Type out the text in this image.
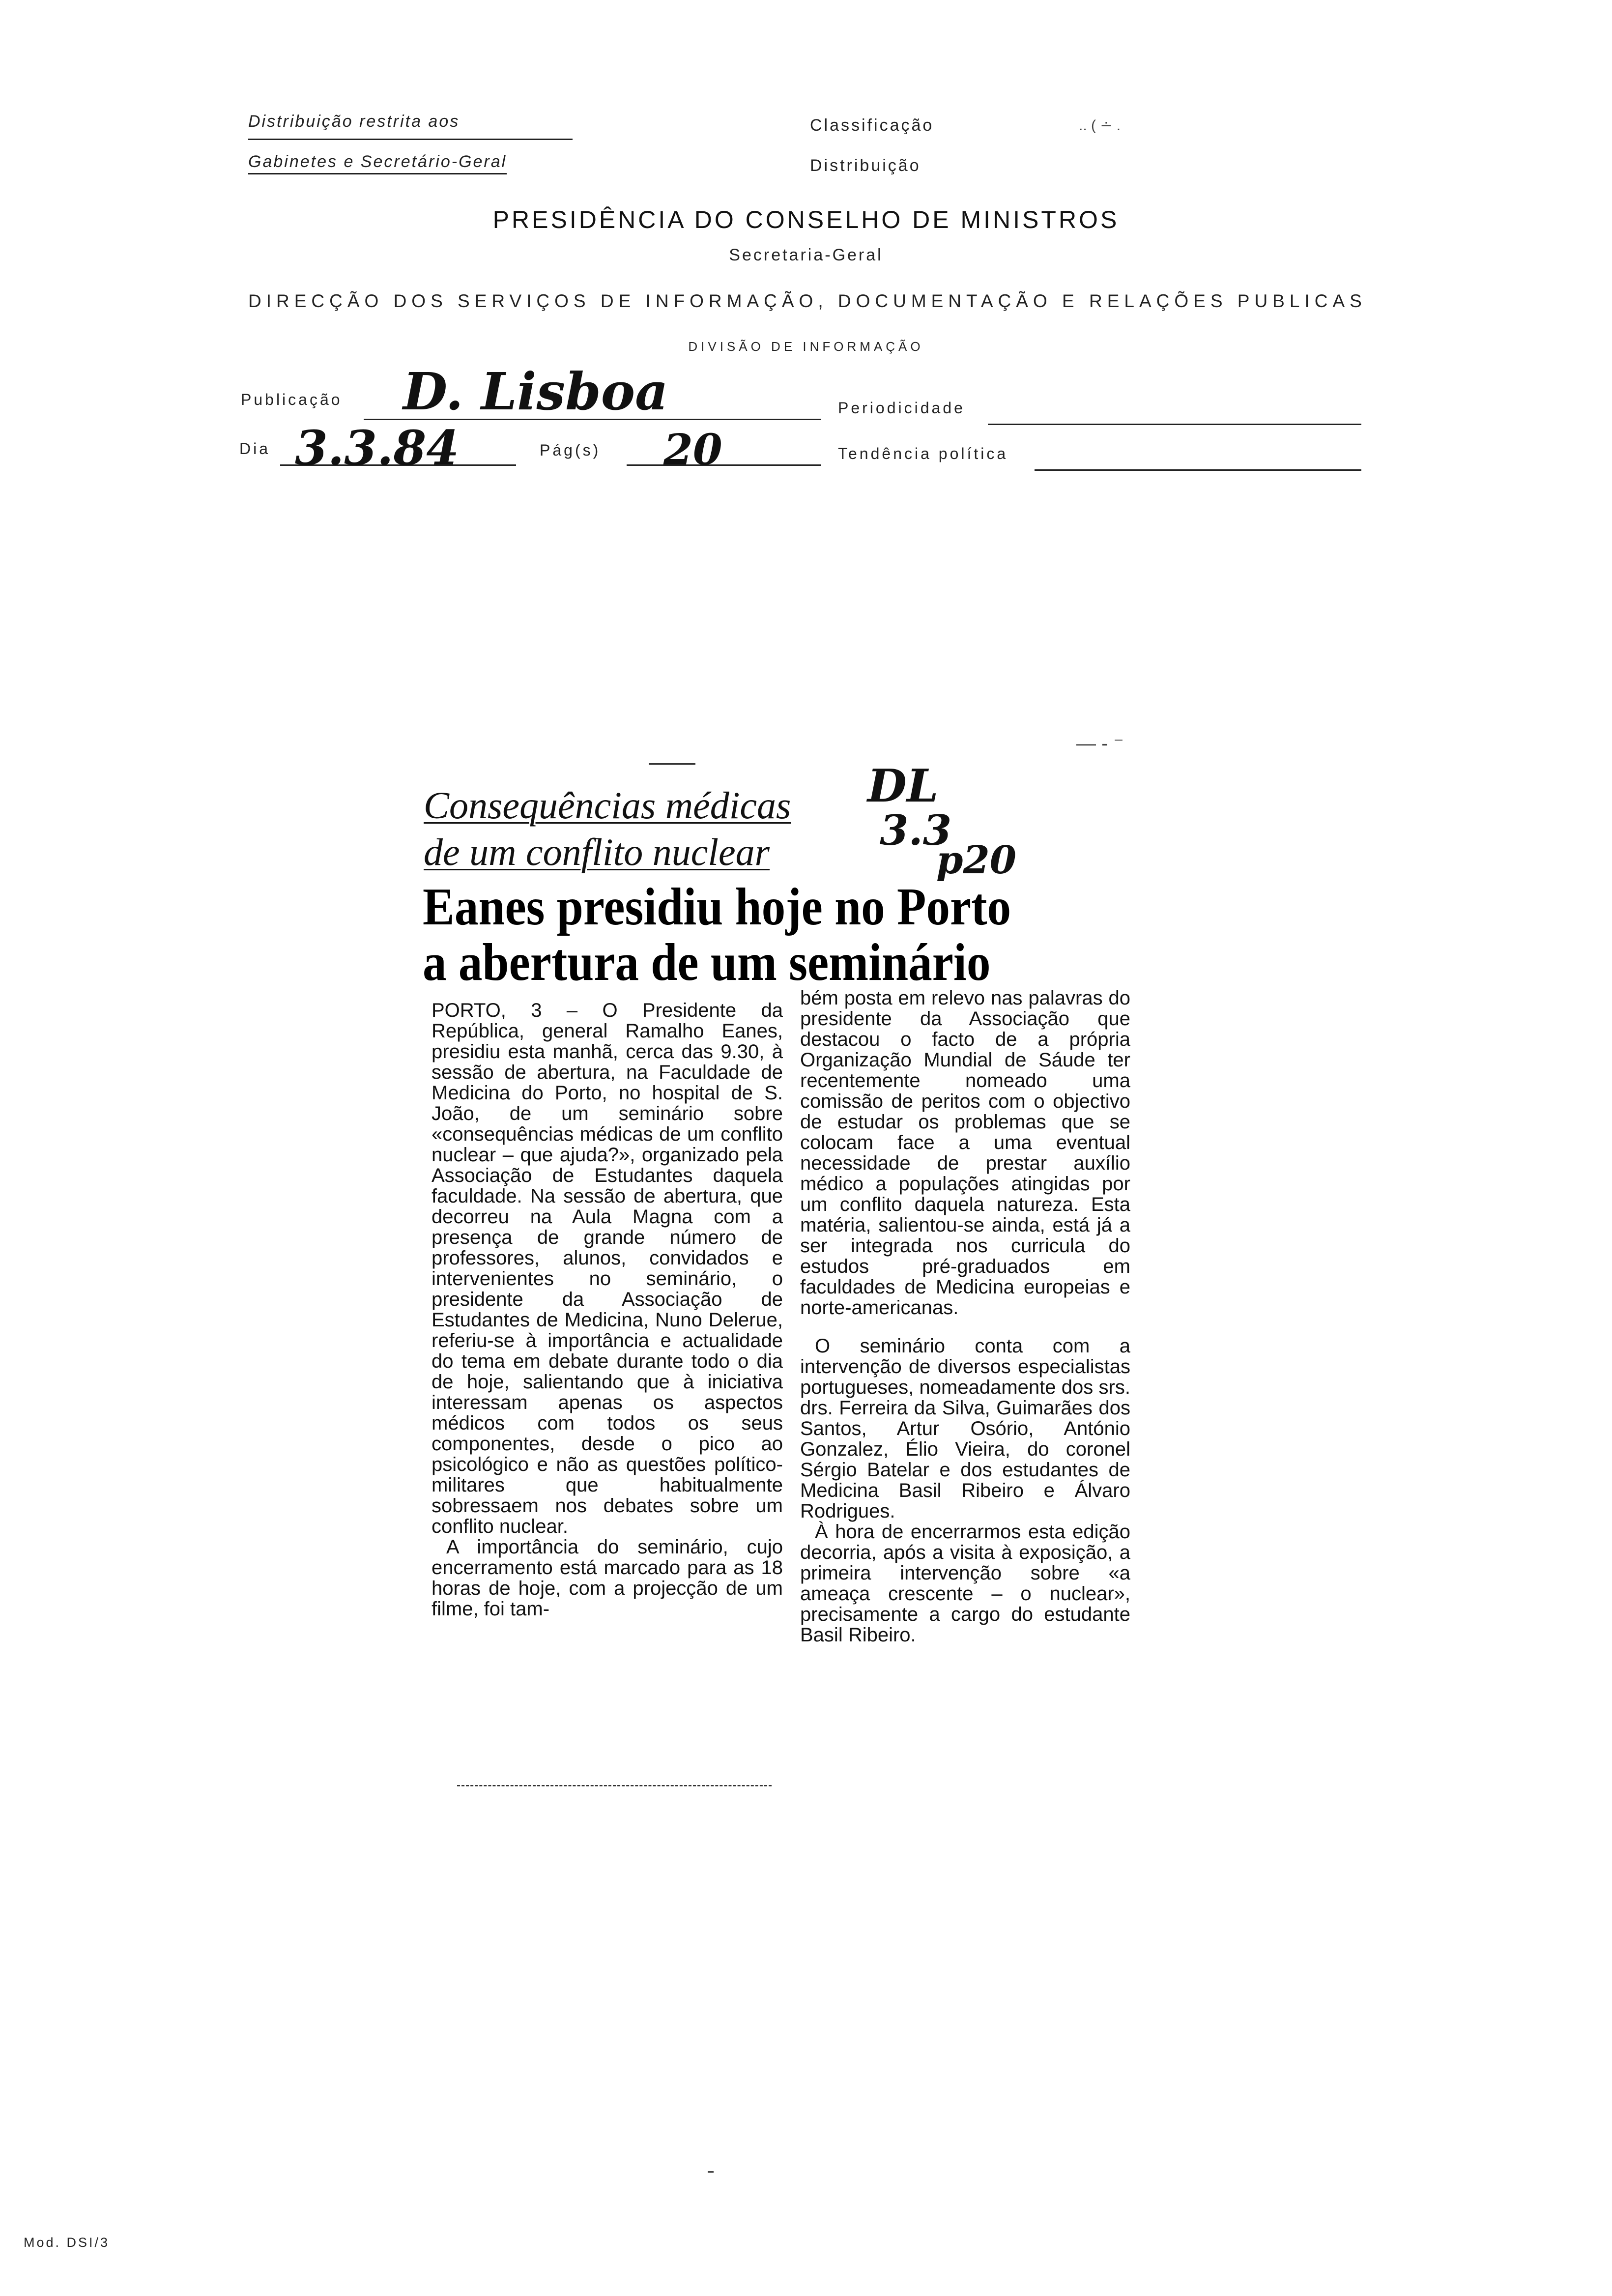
Distribuição restrita aos
Gabinetes e Secretário-Geral
Classificação
Distribuição
.. ( ∸ .
PRESIDÊNCIA DO CONSELHO DE MINISTROS
Secretaria-Geral
DIRECÇÃO DOS SERVIÇOS DE INFORMAÇÃO, DOCUMENTAÇÃO E RELAÇÕES PUBLICAS
DIVISÃO DE INFORMAÇÃO
Publicação D. Lisboa	Periodicidade
Dia 3.3.84	Pág(s) 20	Tendência política
— ‑ ⁻
Consequências médicas
de um conflito nuclear
DL
3.3
p20
Eanes presidiu hoje no Porto
a abertura de um seminário

PORTO, 3 – O Presidente da República, general Ramalho Eanes, presidiu esta manhã, cerca das 9.30, à sessão de abertura, na Faculdade de Medicina do Porto, no hospital de S. João, de um seminário sobre «consequências médicas de um conflito nuclear – que ajuda?», organizado pela Associação de Estudantes daquela faculdade. Na sessão de abertura, que decorreu na Aula Magna com a presença de grande número de professores, alunos, convidados e intervenientes no seminário, o presidente da Associação de Estudantes de Medicina, Nuno Delerue, referiu-se à importância e actualidade do tema em debate durante todo o dia de hoje, salientando que à iniciativa interessam apenas os aspectos médicos com todos os seus componentes, desde o pico ao psicológico e não as questões político-militares que habitualmente sobressaem nos debates sobre um conflito nuclear.

A importância do seminário, cujo encerramento está marcado para as 18 horas de hoje, com a projecção de um filme, foi tam-

bém posta em relevo nas palavras do presidente da Associação que destacou o facto de a própria Organização Mundial de Sáude ter recentemente nomeado uma comissão de peritos com o objectivo de estudar os problemas que se colocam face a uma eventual necessidade de prestar auxílio médico a populações atingidas por um conflito daquela natureza. Esta matéria, salientou-se ainda, está já a ser integrada nos curricula do estudos pré-graduados em faculdades de Medicina europeias e norte-americanas.

O seminário conta com a intervenção de diversos especialistas portugueses, nomeadamente dos srs. drs. Ferreira da Silva, Guimarães dos Santos, Artur Osório, António Gonzalez, Élio Vieira, do coronel Sérgio Batelar e dos estudantes de Medicina Basil Ribeiro e Álvaro Rodrigues.

À hora de encerrarmos esta edição decorria, após a visita à exposição, a primeira intervenção sobre «a ameaça crescente – o nuclear», precisamente a cargo do estudante Basil Ribeiro.

Mod. DSI/3
